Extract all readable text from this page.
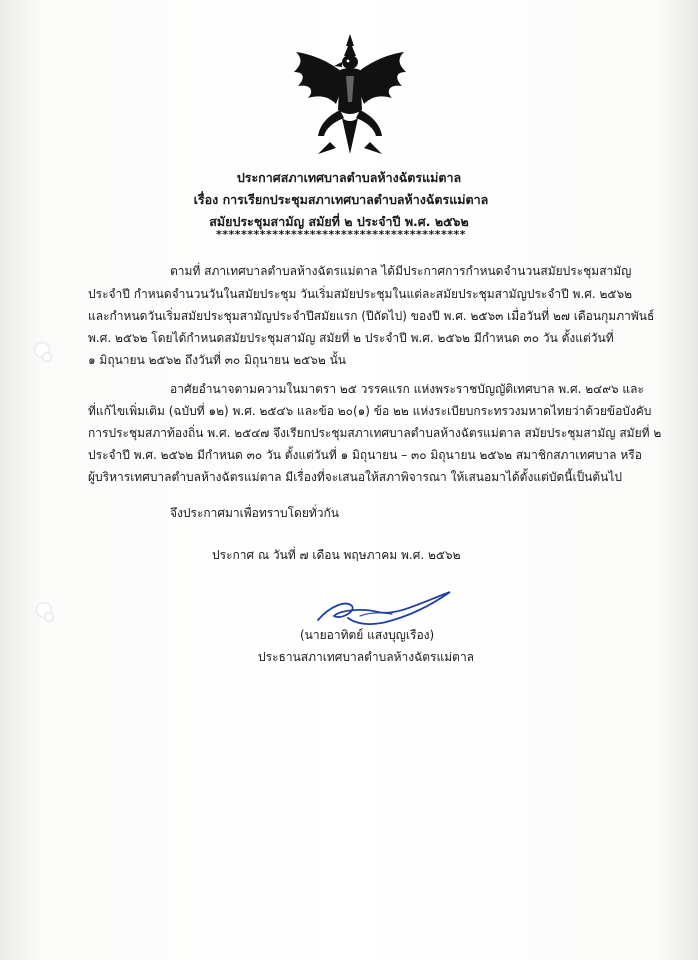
ประกาศสภาเทศบาลตำบลห้างฉัตรแม่ตาล
เรื่อง การเรียกประชุมสภาเทศบาลตำบลห้างฉัตรแม่ตาล
สมัยประชุมสามัญ สมัยที่ ๒ ประจำปี พ.ศ. ๒๕๖๒
****************************************
ตามที่ สภาเทศบาลตำบลห้างฉัตรแม่ตาล ได้มีประกาศการกำหนดจำนวนสมัยประชุมสามัญ
ประจำปี กำหนดจำนวนวันในสมัยประชุม วันเริ่มสมัยประชุมในแต่ละสมัยประชุมสามัญประจำปี พ.ศ. ๒๕๖๒
และกำหนดวันเริ่มสมัยประชุมสามัญประจำปีสมัยแรก (ปีถัดไป) ของปี พ.ศ. ๒๕๖๓ เมื่อวันที่ ๒๗ เดือนกุมภาพันธ์
พ.ศ. ๒๕๖๒ โดยได้กำหนดสมัยประชุมสามัญ สมัยที่ ๒ ประจำปี พ.ศ. ๒๕๖๒ มีกำหนด ๓๐ วัน ตั้งแต่วันที่
๑ มิถุนายน ๒๕๖๒ ถึงวันที่ ๓๐ มิถุนายน ๒๕๖๒ นั้น
อาศัยอำนาจตามความในมาตรา ๒๕ วรรคแรก แห่งพระราชบัญญัติเทศบาล พ.ศ. ๒๔๙๖ และ
ที่แก้ไขเพิ่มเติม (ฉบับที่ ๑๒) พ.ศ. ๒๕๔๖ และข้อ ๒๐(๑) ข้อ ๒๒ แห่งระเบียบกระทรวงมหาดไทยว่าด้วยข้อบังคับ
การประชุมสภาท้องถิ่น พ.ศ. ๒๕๔๗ จึงเรียกประชุมสภาเทศบาลตำบลห้างฉัตรแม่ตาล สมัยประชุมสามัญ สมัยที่ ๒
ประจำปี พ.ศ. ๒๕๖๒ มีกำหนด ๓๐ วัน ตั้งแต่วันที่ ๑ มิถุนายน – ๓๐ มิถุนายน ๒๕๖๒ สมาชิกสภาเทศบาล หรือ
ผู้บริหารเทศบาลตำบลห้างฉัตรแม่ตาล มีเรื่องที่จะเสนอให้สภาพิจารณา ให้เสนอมาได้ตั้งแต่บัดนี้เป็นต้นไป
จึงประกาศมาเพื่อทราบโดยทั่วกัน
ประกาศ ณ วันที่ ๗ เดือน พฤษภาคม พ.ศ. ๒๕๖๒
(นายอาทิตย์ แสงบุญเรือง)
ประธานสภาเทศบาลตำบลห้างฉัตรแม่ตาล
